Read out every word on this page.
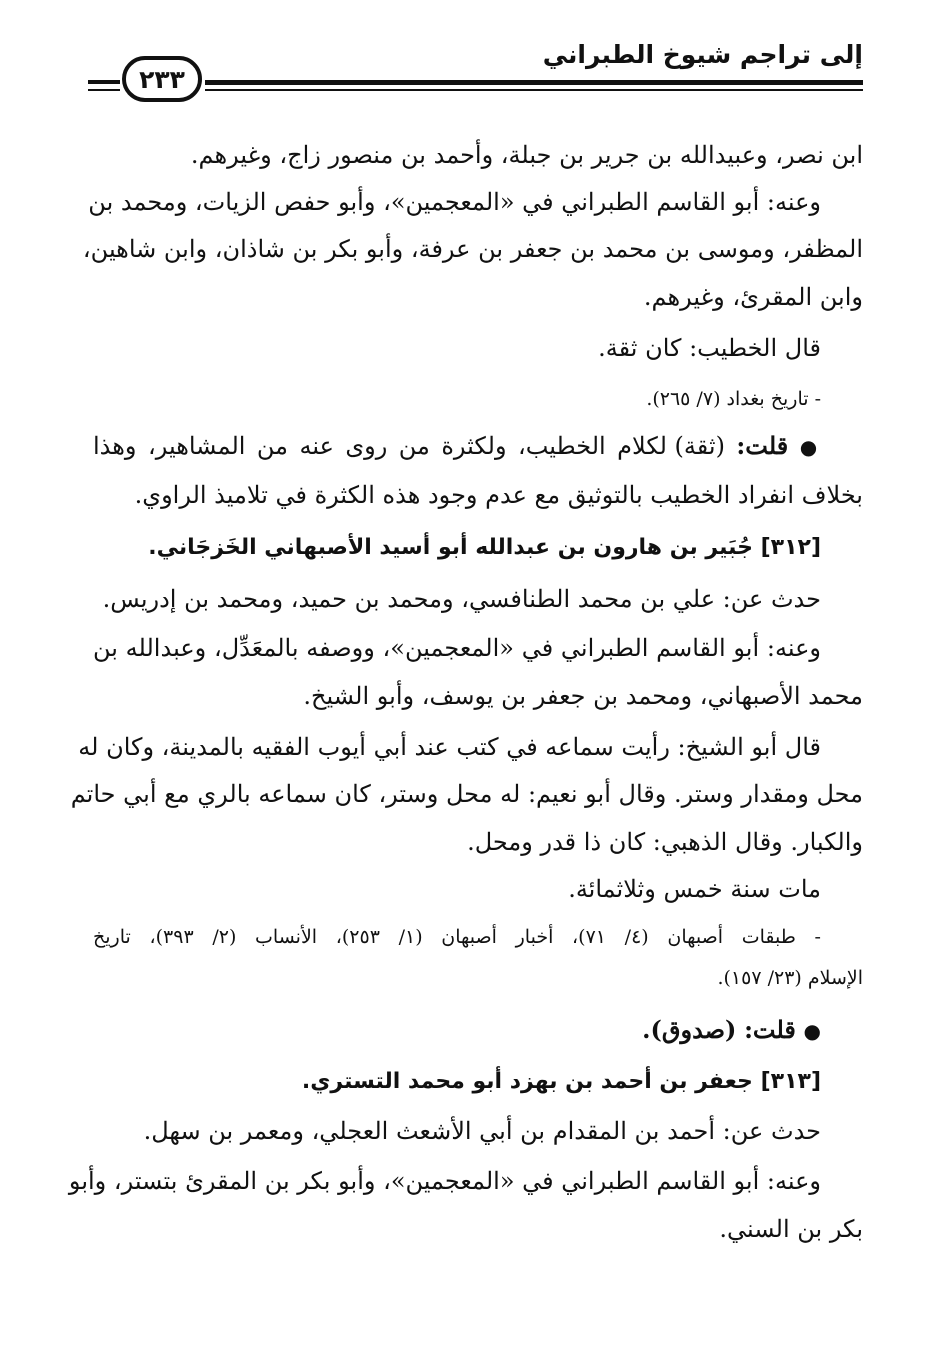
إلى تراجم شيوخ الطبراني
٢٣٣
ابن نصر، وعبيدالله بن جرير بن جبلة، وأحمد بن منصور زاج، وغيرهم.
وعنه: أبو القاسم الطبراني في «المعجمين»، وأبو حفص الزيات، ومحمد بن
المظفر، وموسى بن محمد بن جعفر بن عرفة، وأبو بكر بن شاذان، وابن شاهين،
وابن المقرئ، وغيرهم.
قال الخطيب: كان ثقة.
- تاريخ بغداد (٧/ ٢٦٥).
● قلت: (ثقة) لكلام الخطيب، ولكثرة من روى عنه من المشاهير، وهذا
بخلاف انفراد الخطيب بالتوثيق مع عدم وجود هذه الكثرة في تلاميذ الراوي.
[٣١٢] جُبَير بن هارون بن عبدالله أبو أسيد الأصبهاني الخَزجَاني.
حدث عن: علي بن محمد الطنافسي، ومحمد بن حميد، ومحمد بن إدريس.
وعنه: أبو القاسم الطبراني في «المعجمين»، ووصفه بالمعَدِّل، وعبدالله بن
محمد الأصبهاني، ومحمد بن جعفر بن يوسف، وأبو الشيخ.
قال أبو الشيخ: رأيت سماعه في كتب عند أبي أيوب الفقيه بالمدينة، وكان له
محل ومقدار وستر. وقال أبو نعيم: له محل وستر، كان سماعه بالري مع أبي حاتم
والكبار. وقال الذهبي: كان ذا قدر ومحل.
مات سنة خمس وثلاثمائة.
- طبقات أصبهان (٤/ ٧١)، أخبار أصبهان (١/ ٢٥٣)، الأنساب (٢/ ٣٩٣)، تاريخ
الإسلام (٢٣/ ١٥٧).
● قلت: (صدوق).
[٣١٣] جعفر بن أحمد بن بهزد أبو محمد التستري.
حدث عن: أحمد بن المقدام بن أبي الأشعث العجلي، ومعمر بن سهل.
وعنه: أبو القاسم الطبراني في «المعجمين»، وأبو بكر بن المقرئ بتستر، وأبو
بكر بن السني.
